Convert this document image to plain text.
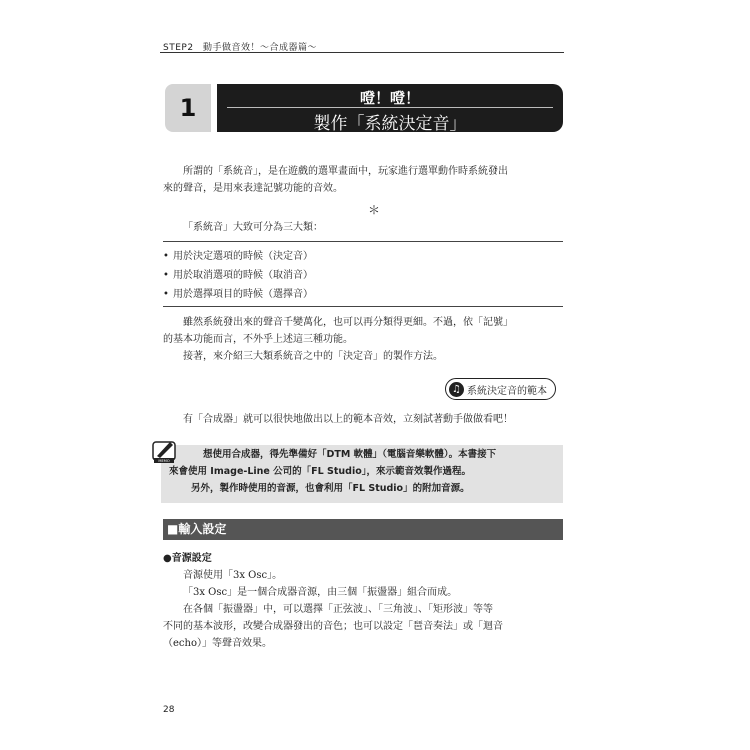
STEP2　動手做音效！～合成器篇～
1	噔！噔！
製作「系統決定音」
所謂的「系統音」，是在遊戲的選單畫面中，玩家進行選單動作時系統發出
來的聲音，是用來表達記號功能的音效。
＊
「系統音」大致可分為三大類：
• 用於決定選項的時候（決定音）
• 用於取消選項的時候（取消音）
• 用於選擇項目的時候（選擇音）
雖然系統發出來的聲音千變萬化，也可以再分類得更細。不過，依「記號」
的基本功能而言，不外乎上述這三種功能。
接著，來介紹三大類系統音之中的「決定音」的製作方法。
♫ 系統決定音的範本
有「合成器」就可以很快地做出以上的範本音效，立刻試著動手做做看吧！
想使用合成器，得先準備好「DTM 軟體」（電腦音樂軟體）。本書接下
來會使用 Image-Line 公司的「FL Studio」，來示範音效製作過程。
另外，製作時使用的音源，也會利用「FL Studio」的附加音源。
MEMO
■輸入設定
●音源設定
音源使用「3x Osc」。
「3x Osc」是一個合成器音源，由三個「振盪器」組合而成。
在各個「振盪器」中，可以選擇「正弦波」、「三角波」、「矩形波」等等
不同的基本波形，改變合成器發出的音色；也可以設定「琶音奏法」或「迴音
（echo）」等聲音效果。
28
